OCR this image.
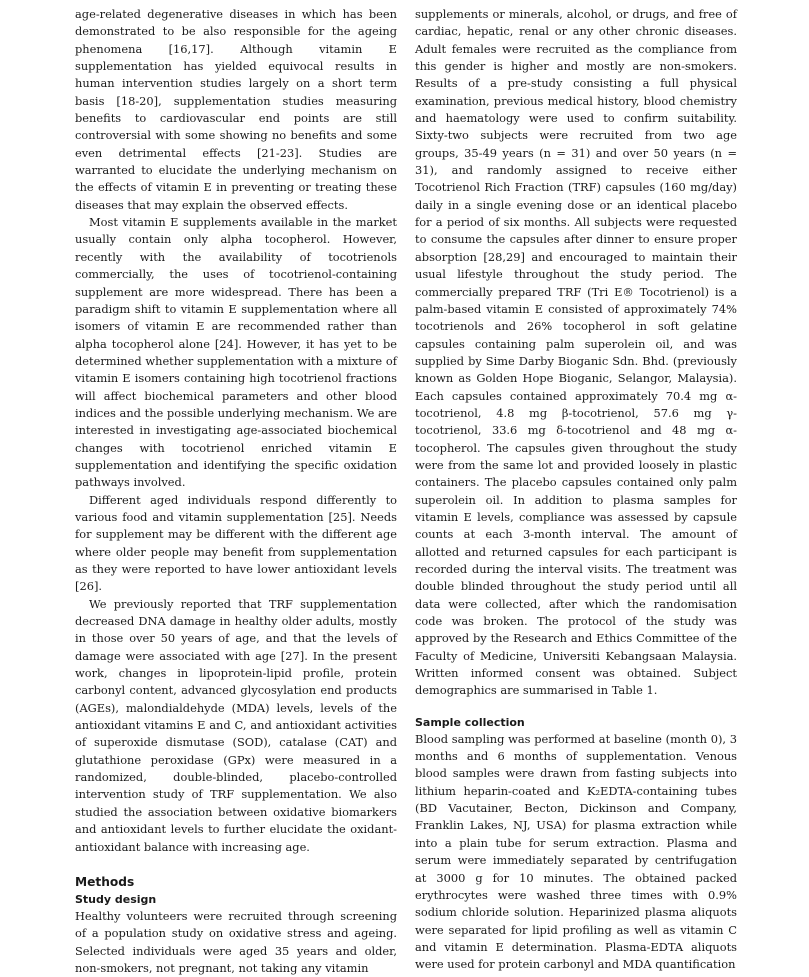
age-related degenerative diseases in which has been demonstrated to be also responsible for the ageing phenomena [16,17]. Although vitamin E supplementation has yielded equivocal results in human intervention studies largely on a short term basis [18-20], supplementation studies measuring benefits to cardiovascular end points are still controversial with some showing no benefits and some even detrimental effects [21-23]. Studies are warranted to elucidate the underlying mechanism on the effects of vitamin E in preventing or treating these diseases that may explain the observed effects.

Most vitamin E supplements available in the market usually contain only alpha tocopherol. However, recently with the availability of tocotrienols commercially, the uses of tocotrienol-containing supplement are more widespread. There has been a paradigm shift to vitamin E supplementation where all isomers of vitamin E are recommended rather than alpha tocopherol alone [24]. However, it has yet to be determined whether supplementation with a mixture of vitamin E isomers containing high tocotrienol fractions will affect biochemical parameters and other blood indices and the possible underlying mechanism. We are interested in investigating age-associated biochemical changes with tocotrienol enriched vitamin E supplementation and identifying the specific oxidation pathways involved.

Different aged individuals respond differently to various food and vitamin supplementation [25]. Needs for supplement may be different with the different age where older people may benefit from supplementation as they were reported to have lower antioxidant levels [26].

We previously reported that TRF supplementation decreased DNA damage in healthy older adults, mostly in those over 50 years of age, and that the levels of damage were associated with age [27]. In the present work, changes in lipoprotein-lipid profile, protein carbonyl content, advanced glycosylation end products (AGEs), malondialdehyde (MDA) levels, levels of the antioxidant vitamins E and C, and antioxidant activities of superoxide dismutase (SOD), catalase (CAT) and glutathione peroxidase (GPx) were measured in a randomized, double-blinded, placebo-controlled intervention study of TRF supplementation. We also studied the association between oxidative biomarkers and antioxidant levels to further elucidate the oxidant-antioxidant balance with increasing age.

Methods
Study design

Healthy volunteers were recruited through screening of a population study on oxidative stress and ageing. Selected individuals were aged 35 years and older, non-smokers, not pregnant, not taking any vitamin

supplements or minerals, alcohol, or drugs, and free of cardiac, hepatic, renal or any other chronic diseases. Adult females were recruited as the compliance from this gender is higher and mostly are non-smokers. Results of a pre-study consisting a full physical examination, previous medical history, blood chemistry and haematology were used to confirm suitability. Sixty-two subjects were recruited from two age groups, 35-49 years (n = 31) and over 50 years (n = 31), and randomly assigned to receive either Tocotrienol Rich Fraction (TRF) capsules (160 mg/day) daily in a single evening dose or an identical placebo for a period of six months. All subjects were requested to consume the capsules after dinner to ensure proper absorption [28,29] and encouraged to maintain their usual lifestyle throughout the study period. The commercially prepared TRF (Tri E® Tocotrienol) is a palm-based vitamin E consisted of approximately 74% tocotrienols and 26% tocopherol in soft gelatine capsules containing palm superolein oil, and was supplied by Sime Darby Bioganic Sdn. Bhd. (previously known as Golden Hope Bioganic, Selangor, Malaysia). Each capsules contained approximately 70.4 mg α-tocotrienol, 4.8 mg β-tocotrienol, 57.6 mg γ-tocotrienol, 33.6 mg δ-tocotrienol and 48 mg α-tocopherol. The capsules given throughout the study were from the same lot and provided loosely in plastic containers. The placebo capsules contained only palm superolein oil. In addition to plasma samples for vitamin E levels, compliance was assessed by capsule counts at each 3-month interval. The amount of allotted and returned capsules for each participant is recorded during the interval visits. The treatment was double blinded throughout the study period until all data were collected, after which the randomisation code was broken. The protocol of the study was approved by the Research and Ethics Committee of the Faculty of Medicine, Universiti Kebangsaan Malaysia. Written informed consent was obtained. Subject demographics are summarised in Table 1.

Sample collection

Blood sampling was performed at baseline (month 0), 3 months and 6 months of supplementation. Venous blood samples were drawn from fasting subjects into lithium heparin-coated and K₂EDTA-containing tubes (BD Vacutainer, Becton, Dickinson and Company, Franklin Lakes, NJ, USA) for plasma extraction while into a plain tube for serum extraction. Plasma and serum were immediately separated by centrifugation at 3000 g for 10 minutes. The obtained packed erythrocytes were washed three times with 0.9% sodium chloride solution. Heparinized plasma aliquots were separated for lipid profiling as well as vitamin C and vitamin E determination. Plasma-EDTA aliquots were used for protein carbonyl and MDA quantification
